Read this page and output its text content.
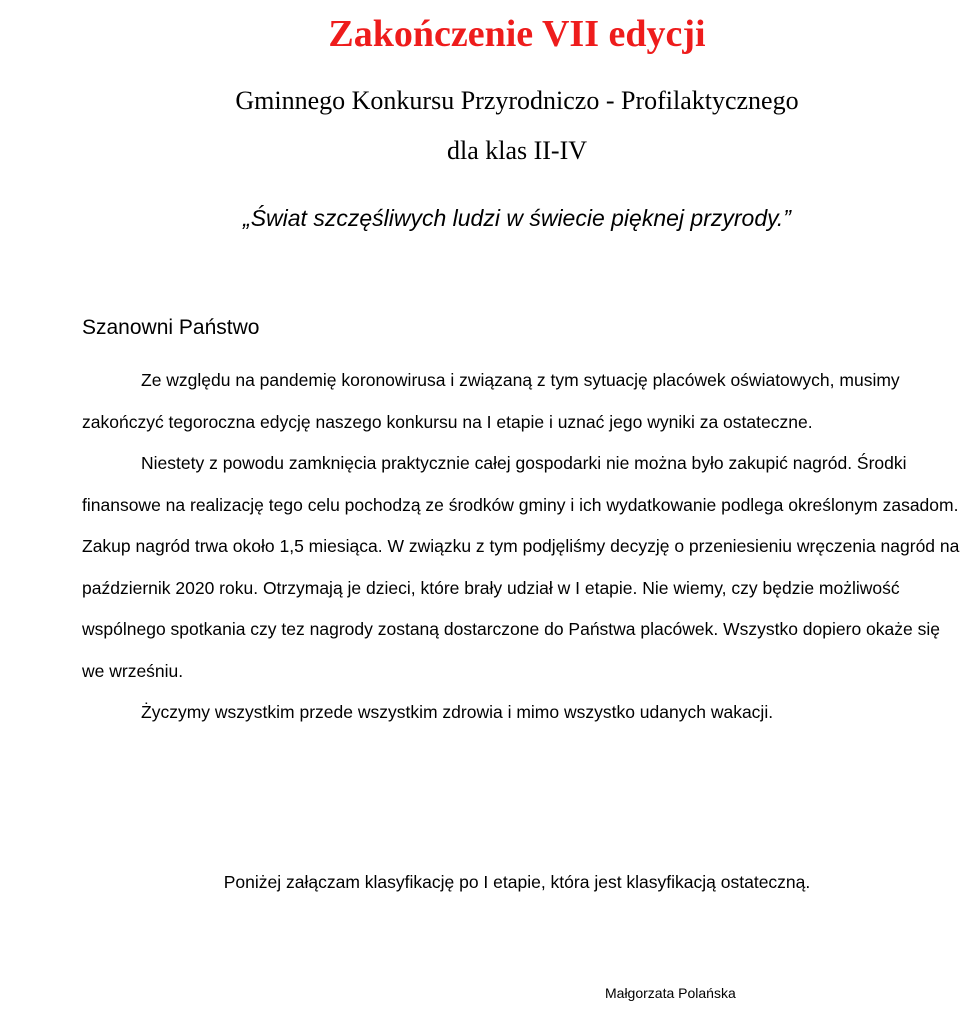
Zakończenie VII edycji
Gminnego Konkursu Przyrodniczo - Profilaktycznego
dla klas II-IV
„Świat szczęśliwych ludzi w świecie pięknej przyrody.”
Szanowni Państwo

Ze względu na pandemię koronowirusa i związaną z tym sytuację placówek oświatowych, musimy zakończyć tegoroczna edycję naszego konkursu na I etapie i uznać jego wyniki za ostateczne.

Niestety z powodu zamknięcia praktycznie całej gospodarki nie można było zakupić nagród. Środki finansowe na realizację tego celu pochodzą ze środków gminy i ich wydatkowanie podlega określonym zasadom. Zakup nagród trwa około 1,5 miesiąca. W związku z tym podjęliśmy decyzję o przeniesieniu wręczenia nagród na październik 2020 roku. Otrzymają je dzieci, które brały udział w I etapie. Nie wiemy, czy będzie możliwość wspólnego spotkania czy tez nagrody zostaną dostarczone do Państwa placówek. Wszystko dopiero okaże się we wrześniu.

Życzymy wszystkim przede wszystkim zdrowia i mimo wszystko udanych wakacji.

Poniżej załączam klasyfikację po I etapie, która jest klasyfikacją ostateczną.
Małgorzata Polańska
